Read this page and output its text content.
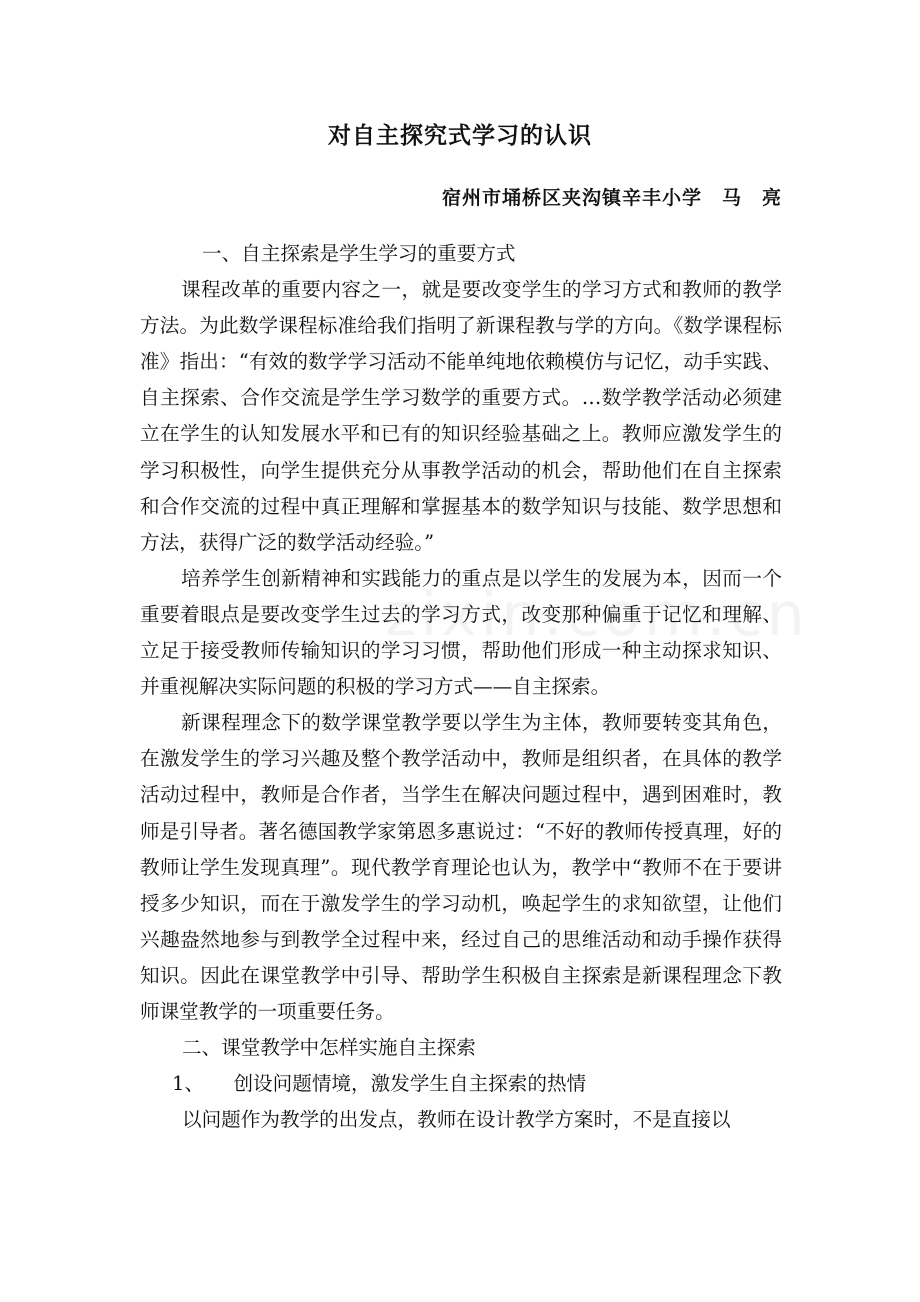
对自主探究式学习的认识
宿州市埇桥区夹沟镇辛丰小学　马　亮

一、自主探索是学生学习的重要方式

课程改革的重要内容之一，就是要改变学生的学习方式和教师的教学方法。为此数学课程标准给我们指明了新课程教与学的方向。《数学课程标准》指出：“有效的数学学习活动不能单纯地依赖模仿与记忆，动手实践、自主探索、合作交流是学生学习数学的重要方式。…数学教学活动必须建立在学生的认知发展水平和已有的知识经验基础之上。教师应激发学生的学习积极性，向学生提供充分从事教学活动的机会，帮助他们在自主探索和合作交流的过程中真正理解和掌握基本的数学知识与技能、数学思想和方法，获得广泛的数学活动经验。”

培养学生创新精神和实践能力的重点是以学生的发展为本，因而一个重要着眼点是要改变学生过去的学习方式，改变那种偏重于记忆和理解、立足于接受教师传输知识的学习习惯，帮助他们形成一种主动探求知识、并重视解决实际问题的积极的学习方式——自主探索。

新课程理念下的数学课堂教学要以学生为主体，教师要转变其角色，在激发学生的学习兴趣及整个教学活动中，教师是组织者，在具体的教学活动过程中，教师是合作者，当学生在解决问题过程中，遇到困难时，教师是引导者。著名德国教学家第恩多惠说过：“不好的教师传授真理，好的教师让学生发现真理”。现代教学育理论也认为，教学中“教师不在于要讲授多少知识，而在于激发学生的学习动机，唤起学生的求知欲望，让他们兴趣盎然地参与到教学全过程中来，经过自己的思维活动和动手操作获得知识。因此在课堂教学中引导、帮助学生积极自主探索是新课程理念下教师课堂教学的一项重要任务。

二、课堂教学中怎样实施自主探索

1、　　创设问题情境，激发学生自主探索的热情

以问题作为教学的出发点，教师在设计教学方案时，不是直接以
